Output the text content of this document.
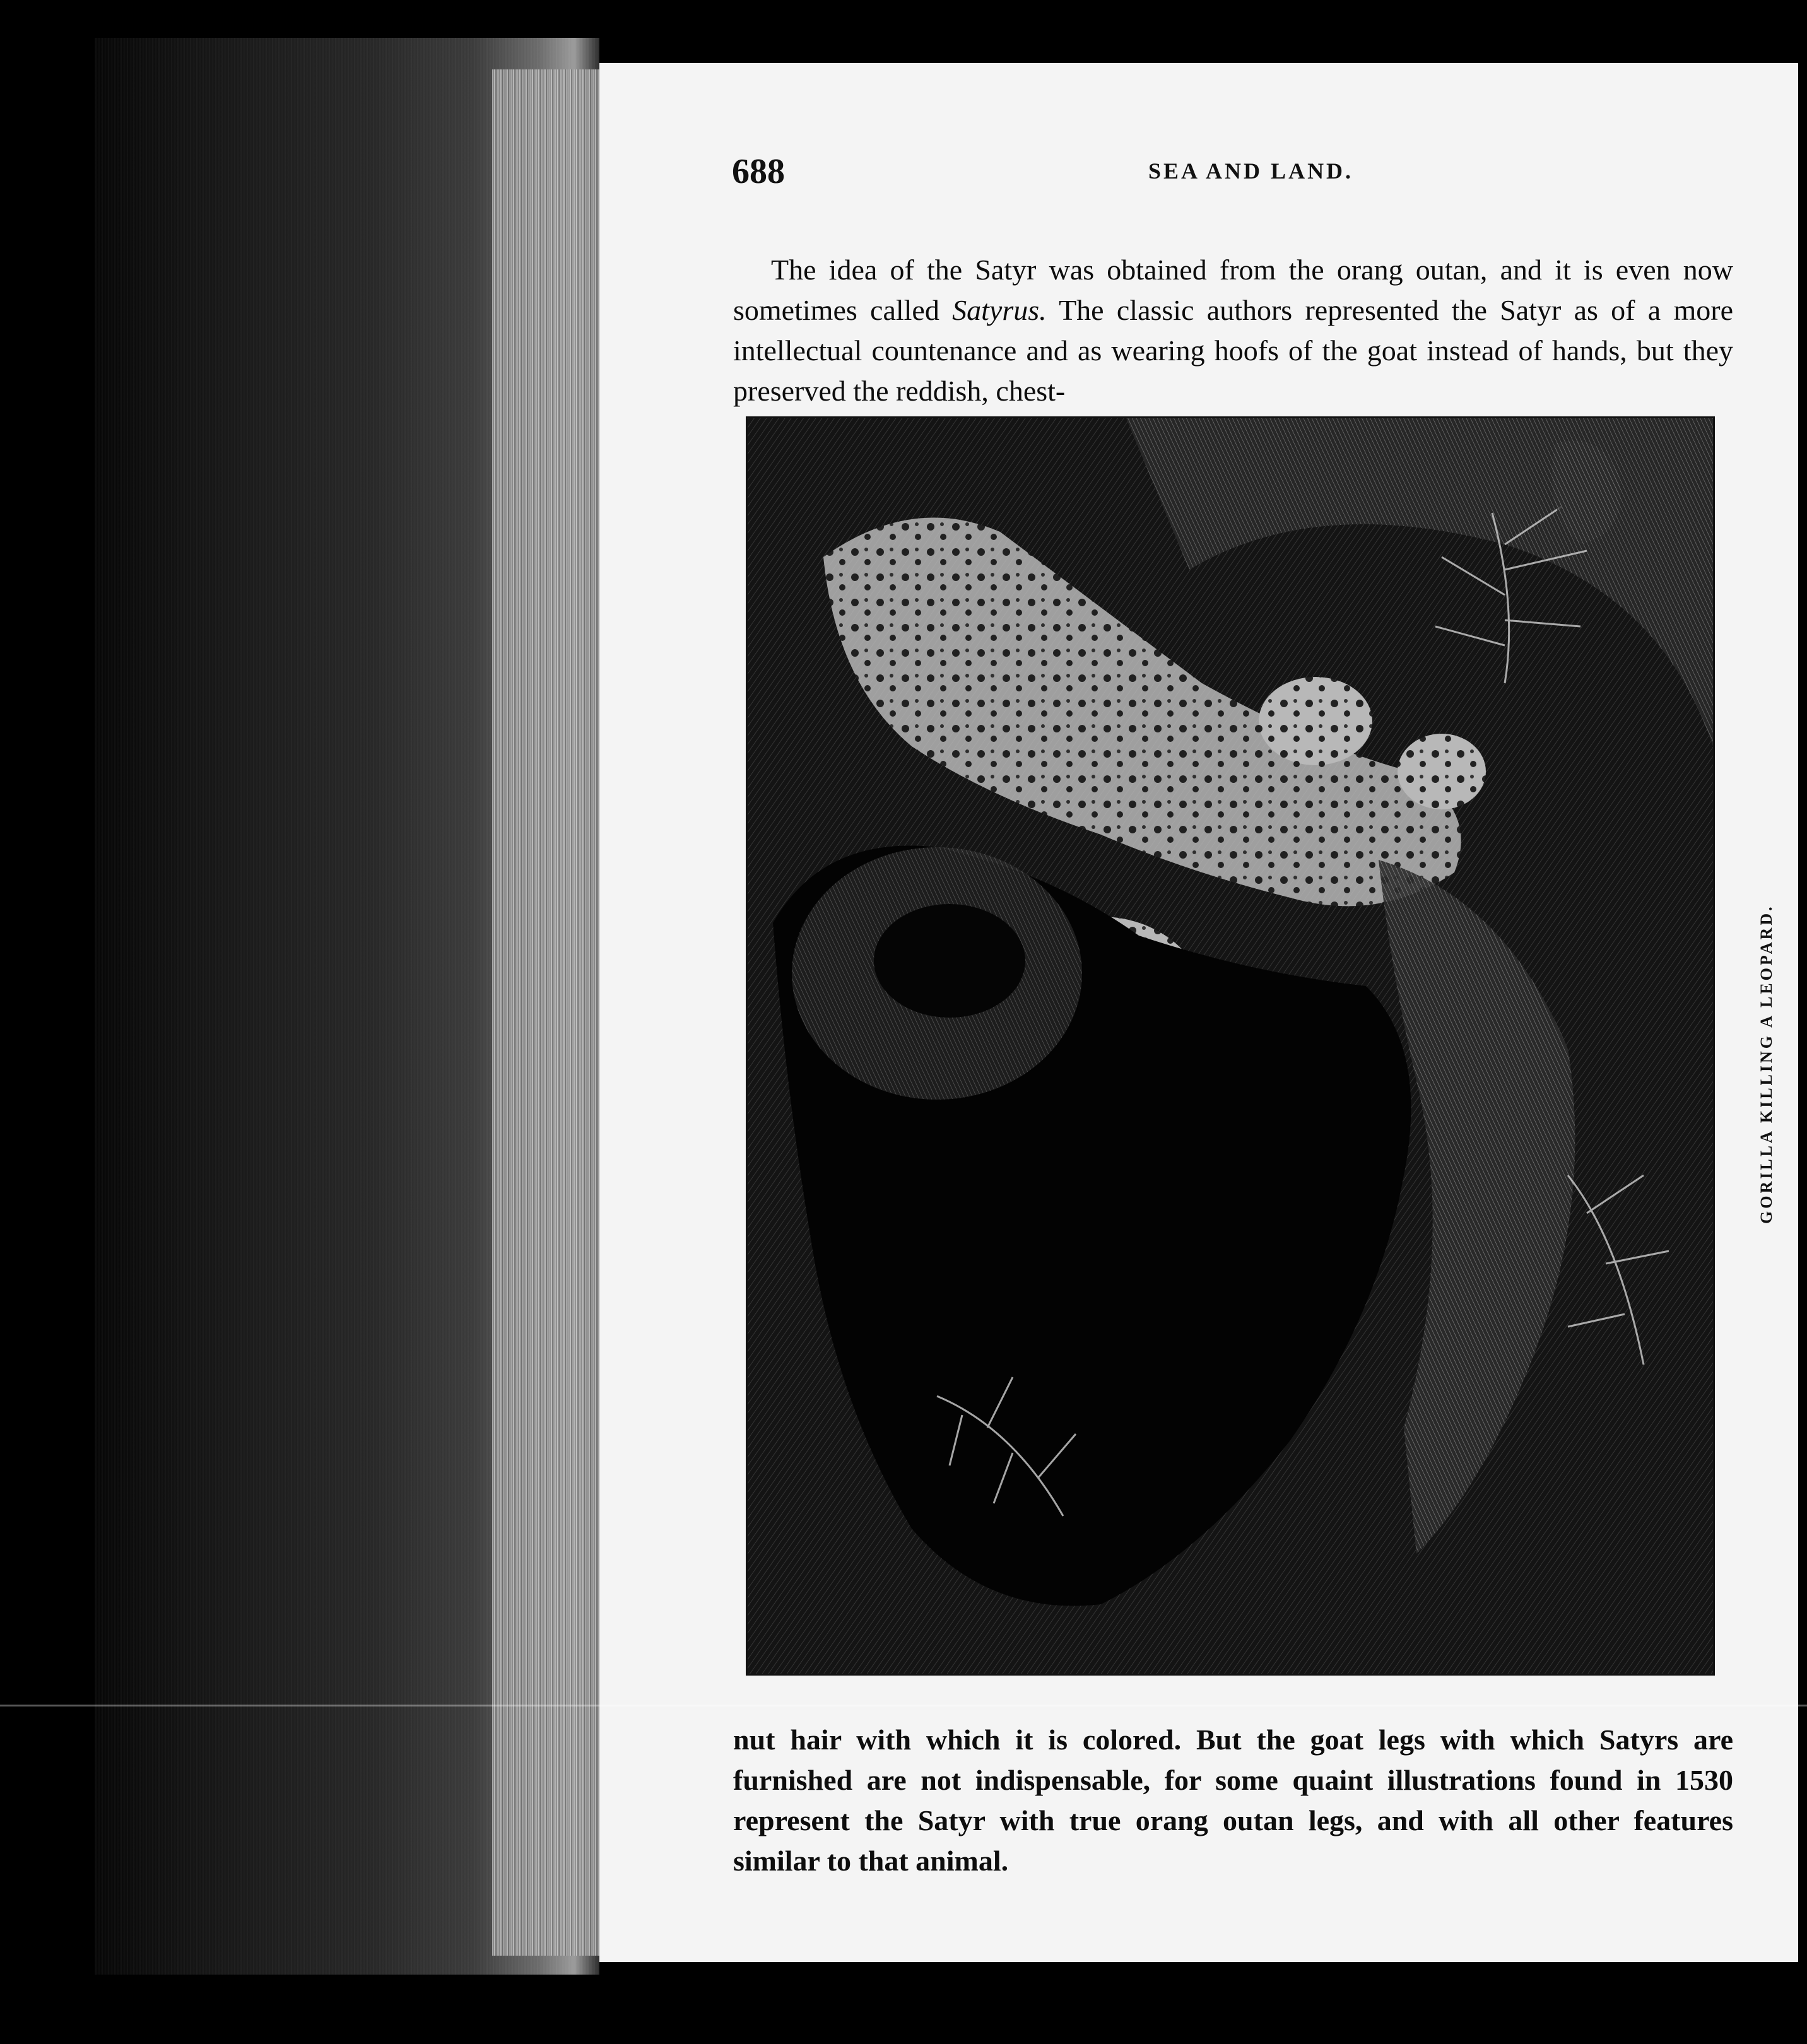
688	SEA AND LAND.

The idea of the Satyr was obtained from the orang outan, and it is even now sometimes called Satyrus. The classic authors represented the Satyr as of a more intellectual countenance and as wearing hoofs of the goat instead of hands, but they preserved the reddish, chest-

GORILLA KILLING A LEOPARD.

nut hair with which it is colored. But the goat legs with which Satyrs are furnished are not indispensable, for some quaint illustrations found in 1530 represent the Satyr with true orang outan legs, and with all other features similar to that animal.
